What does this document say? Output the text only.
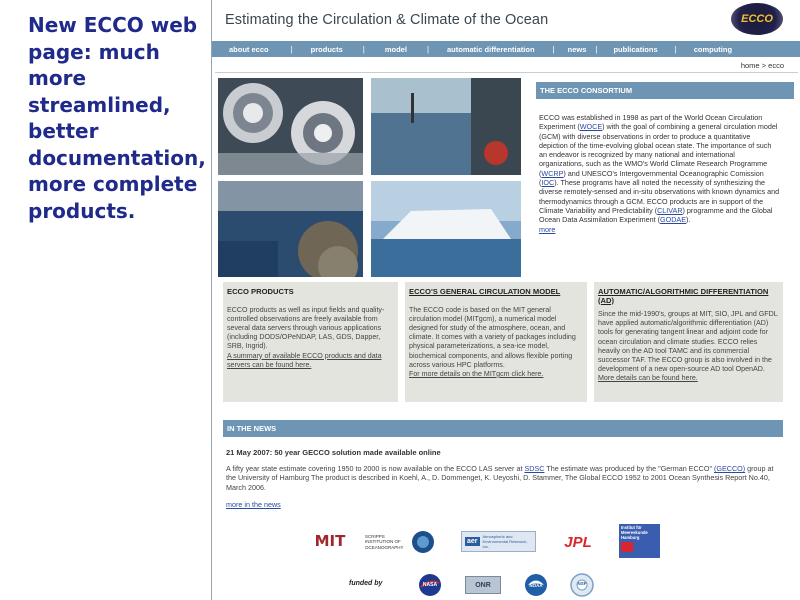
New ECCO web page: much more streamlined, better documentation, more complete products.
Estimating the Circulation & Climate of the Ocean	ECCO
about ecco	| products	|	model	| automatic differentiation | news | publications | computing
home > ecco
THE ECCO CONSORTIUM
ECCO was established in 1998 as part of the World Ocean Circulation Experiment (WOCE) with the goal of combining a general circulation model (GCM) with diverse observations in order to produce a quantitative depiction of the time-evolving global ocean state. The importance of such an endeavor is recognized by many national and international organizations, such as the WMO's World Climate Research Programme (WCRP) and UNESCO's Intergovernmental Oceanographic Comission (IOC). These programs have all noted the necessity of synthesizing the diverse remotely-sensed and in-situ observations with known dynamics and thermodynamics through a GCM. ECCO products are in support of the Climate Variability and Predictability (CLIVAR) programme and the Global Ocean Data Assimilation Experiment (GODAE).
more
ECCO PRODUCTS
ECCO products as well as input fields and quality-controlled observations are freely available from several data servers through various applications (including DODS/OPeNDAP, LAS, GDS, Dapper, SRB, Ingrid).
A summary of available ECCO products and data servers can be found here.
ECCO'S GENERAL CIRCULATION MODEL
The ECCO code is based on the MIT general circulation model (MITgcm), a numerical model designed for study of the atmosphere, ocean, and climate. It comes with a variety of packages including physical parameterizations, a sea-ice model, biochemical components, and allows flexible porting across various HPC platforms.
For more details on the MITgcm click here.
AUTOMATIC/ALGORITHMIC DIFFERENTIATION (AD)
Since the mid-1990's, groups at MIT, SIO, JPL and GFDL have applied automatic/algorithmic differentiation (AD) tools for generating tangent linear and adjoint code for ocean circulation and climate studies. ECCO relies heavily on the AD tool TAMC and its commercial successor TAF. The ECCO group is also involved in the development of a new open-source AD tool OpenAD.
More details can be found here.
IN THE NEWS
21 May 2007: 50 year GECCO solution made available online
A fifty year state estimate covering 1950 to 2000 is now available on the ECCO LAS server at SDSC The estimate was produced by the "German ECCO" (GECCO) group at the University of Hamburg The product is described in Koehl, A., D. Dommenget, K. Ueyoshi, D. Stammer, The Global ECCO 1952 to 2001 Ocean Synthesis Report No.40, March 2006.
more in the news
MIT	SCRIPPS INSTITUTION OF OCEANOGRAPHY
aer
Atmospheric and Environmental Research, Inc.	JPL
Institut für Meereskunde Hamburg
funded by	NASA	ONR	NOAA	NSF
